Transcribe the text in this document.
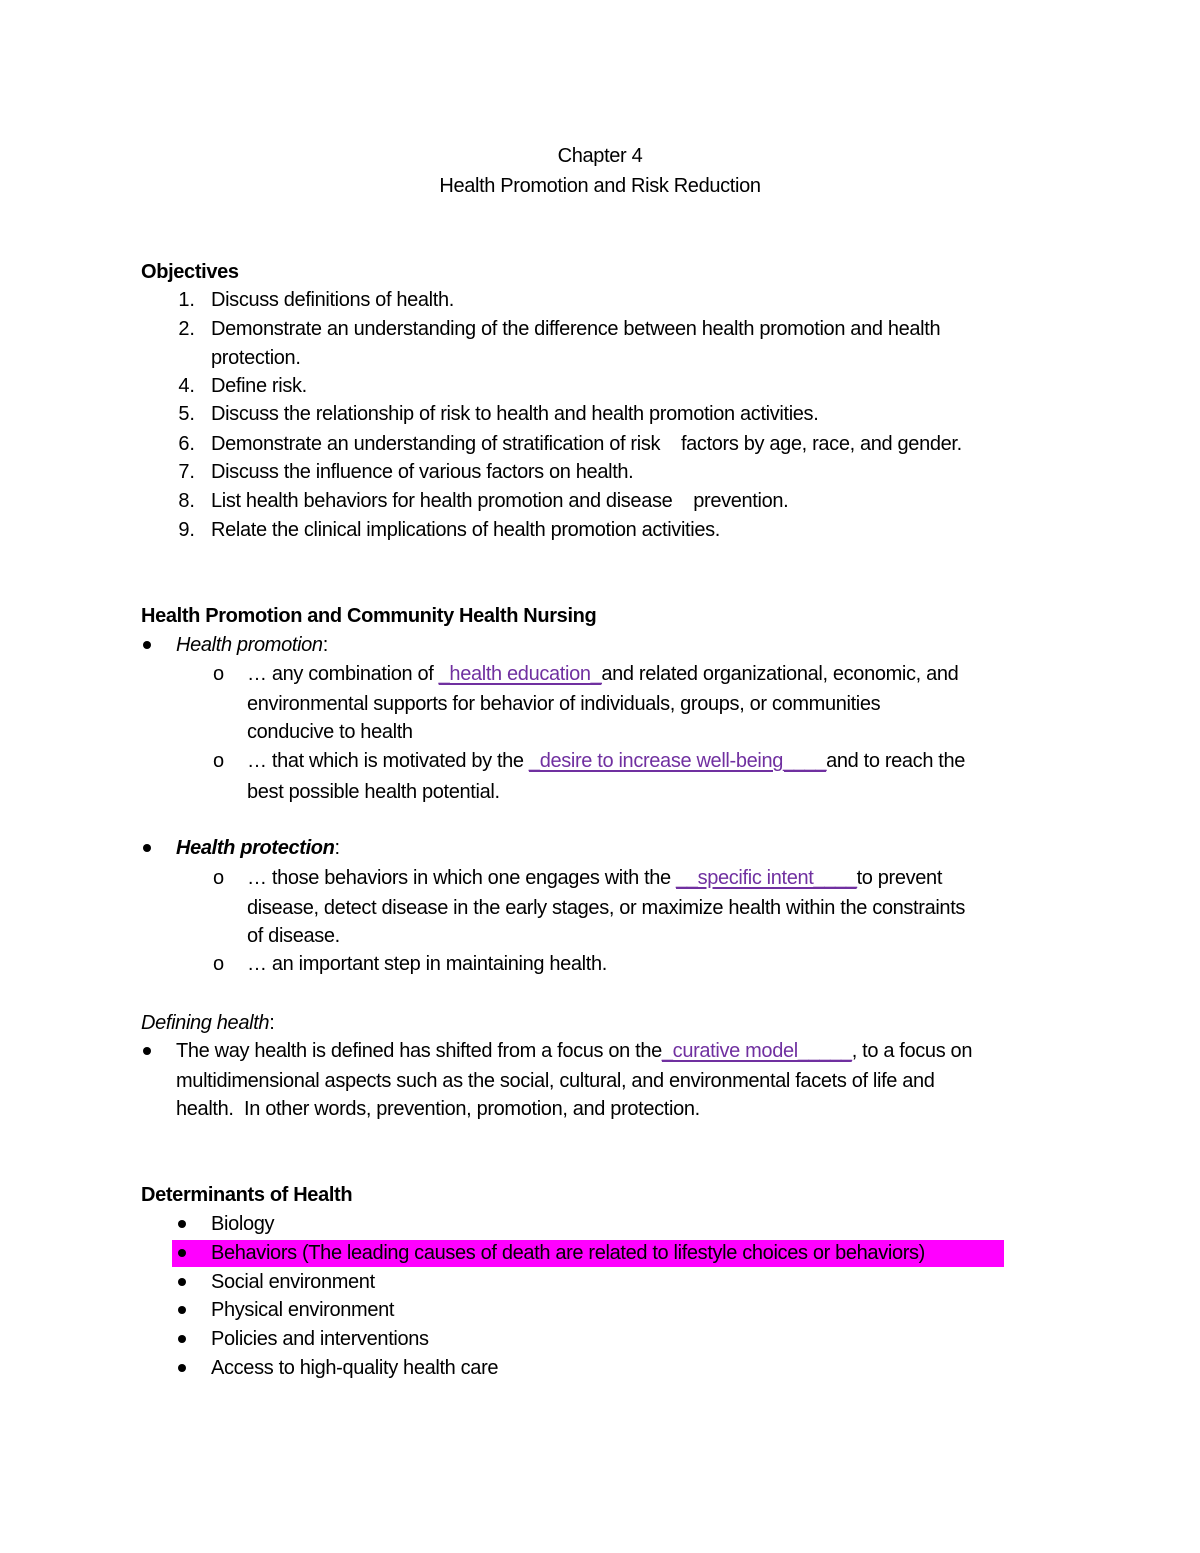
Chapter 4
Health Promotion and Risk Reduction
Objectives
1. Discuss definitions of health.
2. Demonstrate an understanding of the difference between health promotion and health
protection.
4. Define risk.
5. Discuss the relationship of risk to health and health promotion activities.
6. Demonstrate an understanding of stratification of risk    factors by age, race, and gender.
7. Discuss the influence of various factors on health.
8. List health behaviors for health promotion and disease    prevention.
9. Relate the clinical implications of health promotion activities.
Health Promotion and Community Health Nursing
Health promotion:
o … any combination of _health education_and related organizational, economic, and
environmental supports for behavior of individuals, groups, or communities
conducive to health
o … that which is motivated by the _desire to increase well-being____and to reach the
best possible health potential.
Health protection:
o … those behaviors in which one engages with the __specific intent____to prevent
disease, detect disease in the early stages, or maximize health within the constraints
of disease.
o … an important step in maintaining health.
Defining health:
The way health is defined has shifted from a focus on the_curative model_____, to a focus on
multidimensional aspects such as the social, cultural, and environmental facets of life and
health.  In other words, prevention, promotion, and protection.
Determinants of Health
Biology
Behaviors (The leading causes of death are related to lifestyle choices or behaviors)
Social environment
Physical environment
Policies and interventions
Access to high-quality health care
